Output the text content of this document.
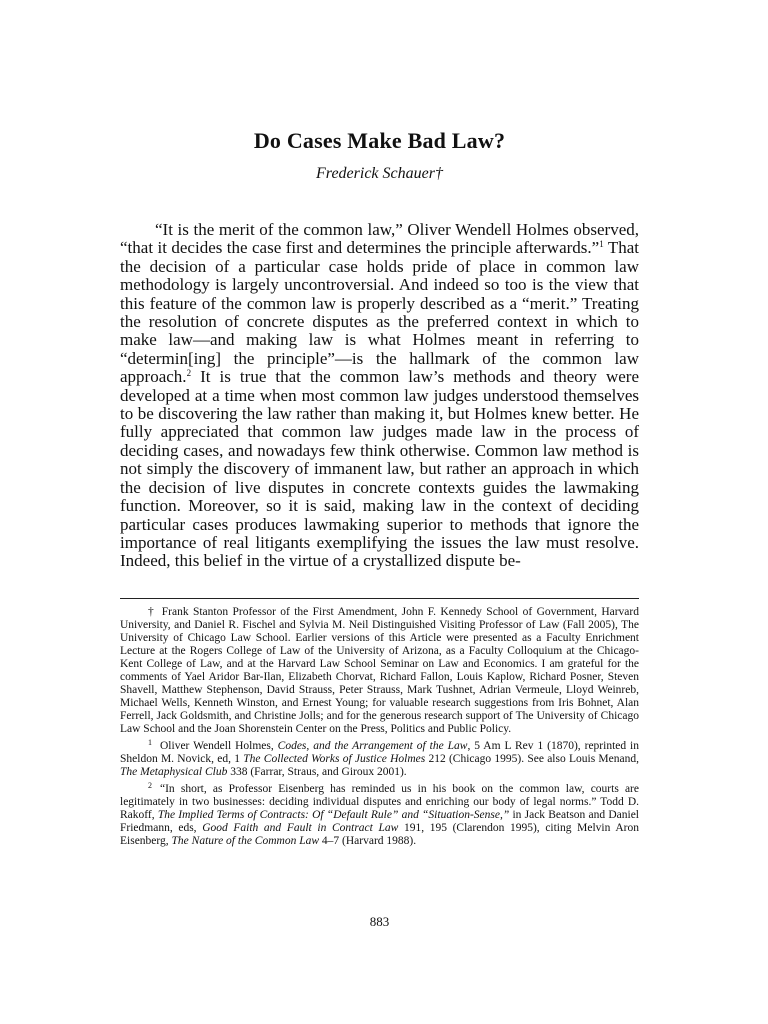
Do Cases Make Bad Law?
Frederick Schauer†

“It is the merit of the common law,” Oliver Wendell Holmes observed, “that it decides the case first and determines the principle afterwards.”$^1$ That the decision of a particular case holds pride of place in common law methodology is largely uncontroversial. And indeed so too is the view that this feature of the common law is properly described as a “merit.” Treating the resolution of concrete disputes as the preferred context in which to make law—and making law is what Holmes meant in referring to “determin[ing] the principle”—is the hallmark of the common law approach.$^2$ It is true that the common law’s methods and theory were developed at a time when most common law judges understood themselves to be discovering the law rather than making it, but Holmes knew better. He fully appreciated that common law judges made law in the process of deciding cases, and nowadays few think otherwise. Common law method is not simply the discovery of immanent law, but rather an approach in which the decision of live disputes in concrete contexts guides the lawmaking function. Moreover, so it is said, making law in the context of deciding particular cases produces lawmaking superior to methods that ignore the importance of real litigants exemplifying the issues the law must resolve. Indeed, this belief in the virtue of a crystallized dispute be-

† Frank Stanton Professor of the First Amendment, John F. Kennedy School of Government, Harvard University, and Daniel R. Fischel and Sylvia M. Neil Distinguished Visiting Professor of Law (Fall 2005), The University of Chicago Law School. Earlier versions of this Article were presented as a Faculty Enrichment Lecture at the Rogers College of Law of the University of Arizona, as a Faculty Colloquium at the Chicago-Kent College of Law, and at the Harvard Law School Seminar on Law and Economics. I am grateful for the comments of Yael Aridor Bar-Ilan, Elizabeth Chorvat, Richard Fallon, Louis Kaplow, Richard Posner, Steven Shavell, Matthew Stephenson, David Strauss, Peter Strauss, Mark Tushnet, Adrian Vermeule, Lloyd Weinreb, Michael Wells, Kenneth Winston, and Ernest Young; for valuable research suggestions from Iris Bohnet, Alan Ferrell, Jack Goldsmith, and Christine Jolls; and for the generous research support of The University of Chicago Law School and the Joan Shorenstein Center on the Press, Politics and Public Policy.

1 Oliver Wendell Holmes, Codes, and the Arrangement of the Law, 5 Am L Rev 1 (1870), reprinted in Sheldon M. Novick, ed, 1 The Collected Works of Justice Holmes 212 (Chicago 1995). See also Louis Menand, The Metaphysical Club 338 (Farrar, Straus, and Giroux 2001).

2 “In short, as Professor Eisenberg has reminded us in his book on the common law, courts are legitimately in two businesses: deciding individual disputes and enriching our body of legal norms.” Todd D. Rakoff, The Implied Terms of Contracts: Of “Default Rule” and “Situation-Sense,” in Jack Beatson and Daniel Friedmann, eds, Good Faith and Fault in Contract Law 191, 195 (Clarendon 1995), citing Melvin Aron Eisenberg, The Nature of the Common Law 4–7 (Harvard 1988).

883
